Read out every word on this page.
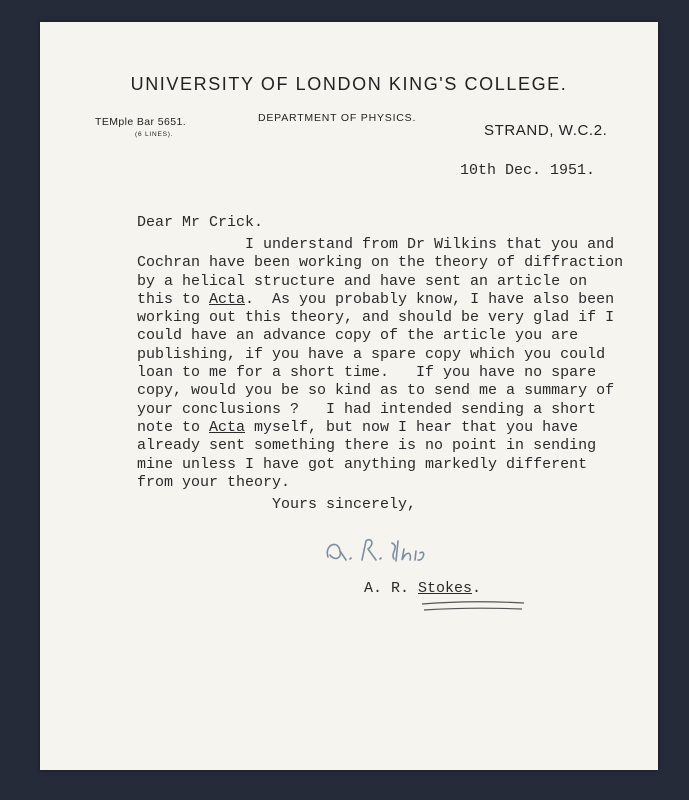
UNIVERSITY OF LONDON KING'S COLLEGE.
TEMple Bar 5651.
(6 LINES).
DEPARTMENT OF PHYSICS.
STRAND, W.C.2.
10th Dec. 1951.
Dear Mr Crick.
I understand from Dr Wilkins that you and
Cochran have been working on the theory of diffraction
by a helical structure and have sent an article on
this to Acta.  As you probably know, I have also been
working out this theory, and should be very glad if I
could have an advance copy of the article you are
publishing, if you have a spare copy which you could
loan to me for a short time.   If you have no spare
copy, would you be so kind as to send me a summary of
your conclusions ?   I had intended sending a short
note to Acta myself, but now I hear that you have
already sent something there is no point in sending
mine unless I have got anything markedly different
from your theory.
Yours sincerely,
A. R. Stokes.
